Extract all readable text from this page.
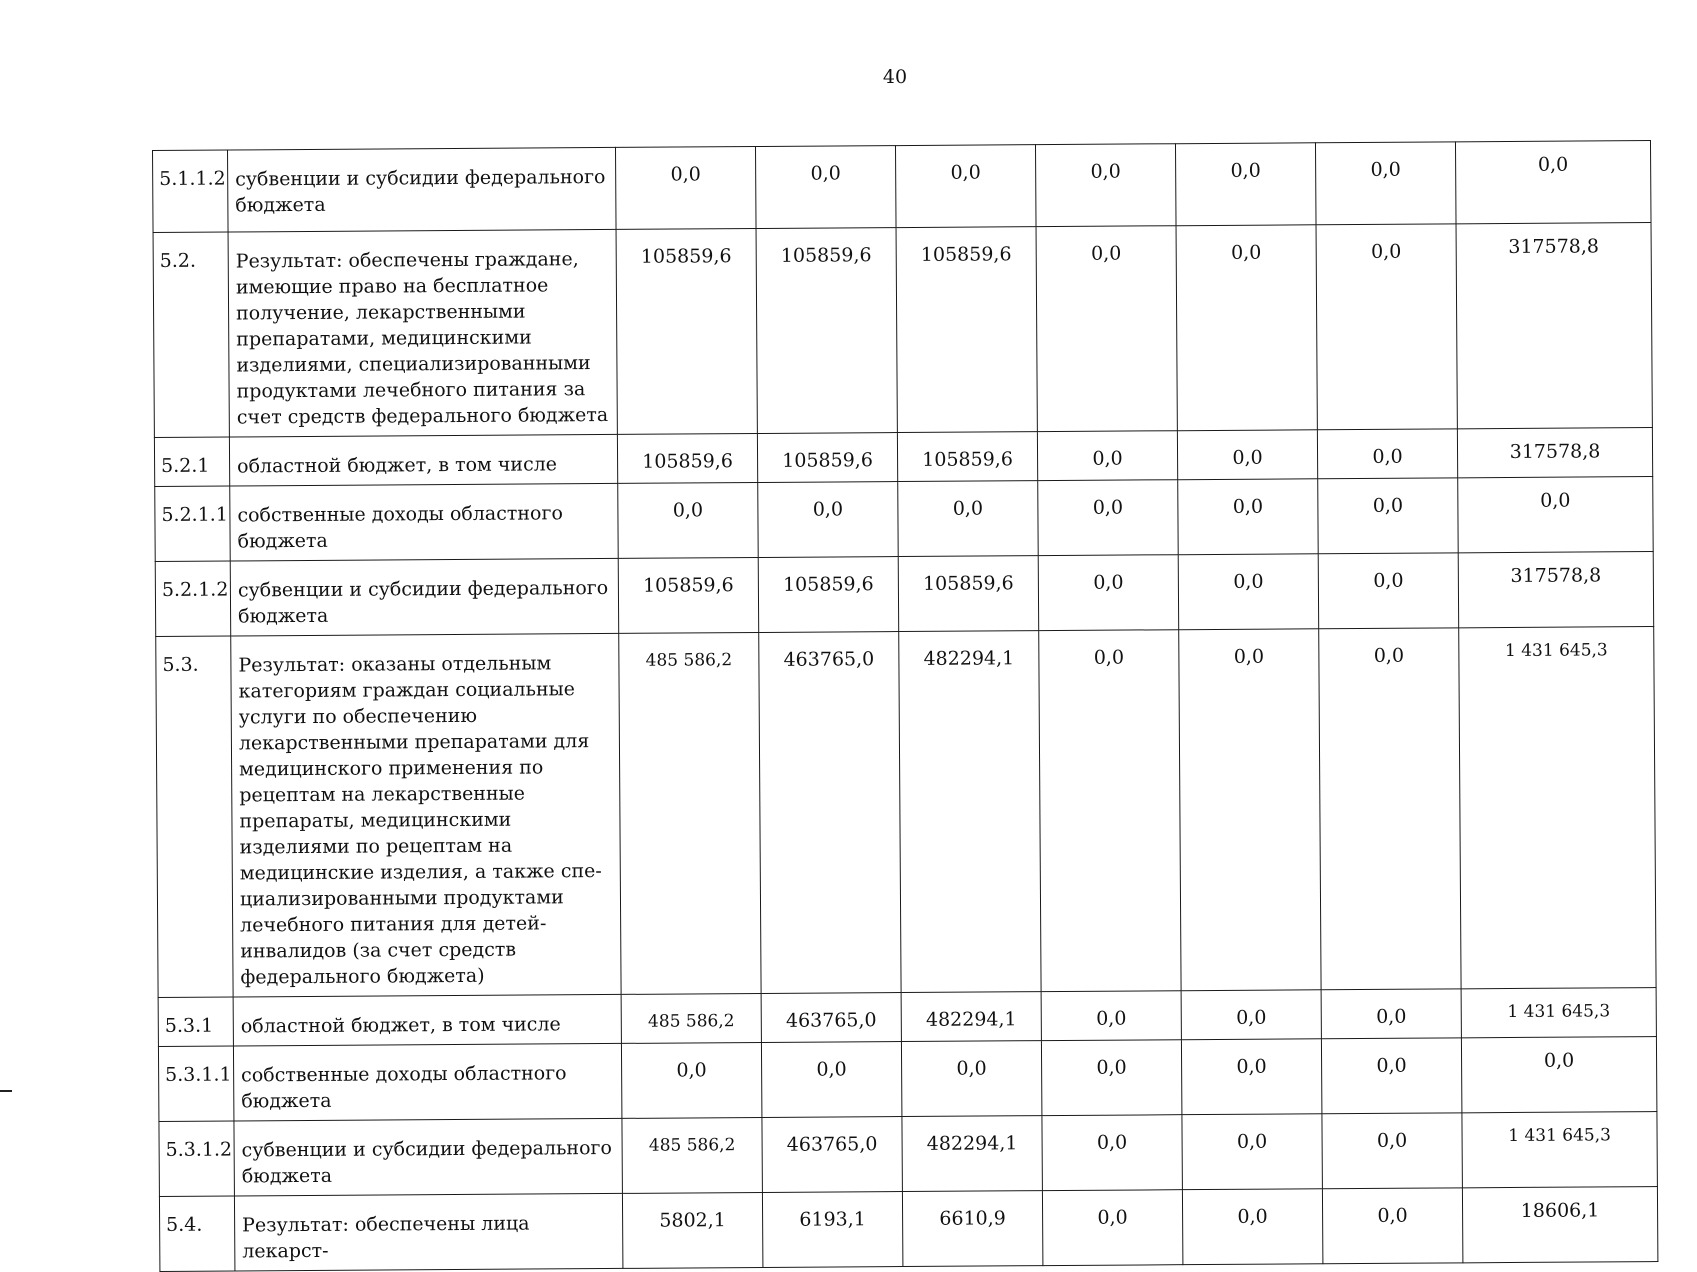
40
5.1.1.2	субвенции и субсидии федерального бюджета	0,0	0,0	0,0	0,0	0,0	0,0	0,0
5.2.	Результат: обеспечены граждане, имеющие право на бесплатное получение, лекарственными препаратами, медицинскими изделиями, специализированными продуктами лечебного питания за счет средств федерального бюджета	105859,6	105859,6	105859,6	0,0	0,0	0,0	317578,8
5.2.1	областной бюджет, в том числе	105859,6	105859,6	105859,6	0,0	0,0	0,0	317578,8
5.2.1.1	собственные доходы областного бюджета	0,0	0,0	0,0	0,0	0,0	0,0	0,0
5.2.1.2	субвенции и субсидии федерального бюджета	105859,6	105859,6	105859,6	0,0	0,0	0,0	317578,8
5.3.	Результат: оказаны отдельным категориям граждан социальные услуги по обеспечению лекарственными препаратами для медицинского применения по рецептам на лекарственные препараты, медицинскими изделиями по рецептам на медицинские изделия, а также специализированными продуктами лечебного питания для детей-инвалидов (за счет средств федерального бюджета)	485 586,2	463765,0	482294,1	0,0	0,0	0,0	1 431 645,3
5.3.1	областной бюджет, в том числе	485 586,2	463765,0	482294,1	0,0	0,0	0,0	1 431 645,3
5.3.1.1	собственные доходы областного бюджета	0,0	0,0	0,0	0,0	0,0	0,0	0,0
5.3.1.2	субвенции и субсидии федерального бюджета	485 586,2	463765,0	482294,1	0,0	0,0	0,0	1 431 645,3
5.4.	Результат: обеспечены лица лекарст-	5802,1	6193,1	6610,9	0,0	0,0	0,0	18606,1
